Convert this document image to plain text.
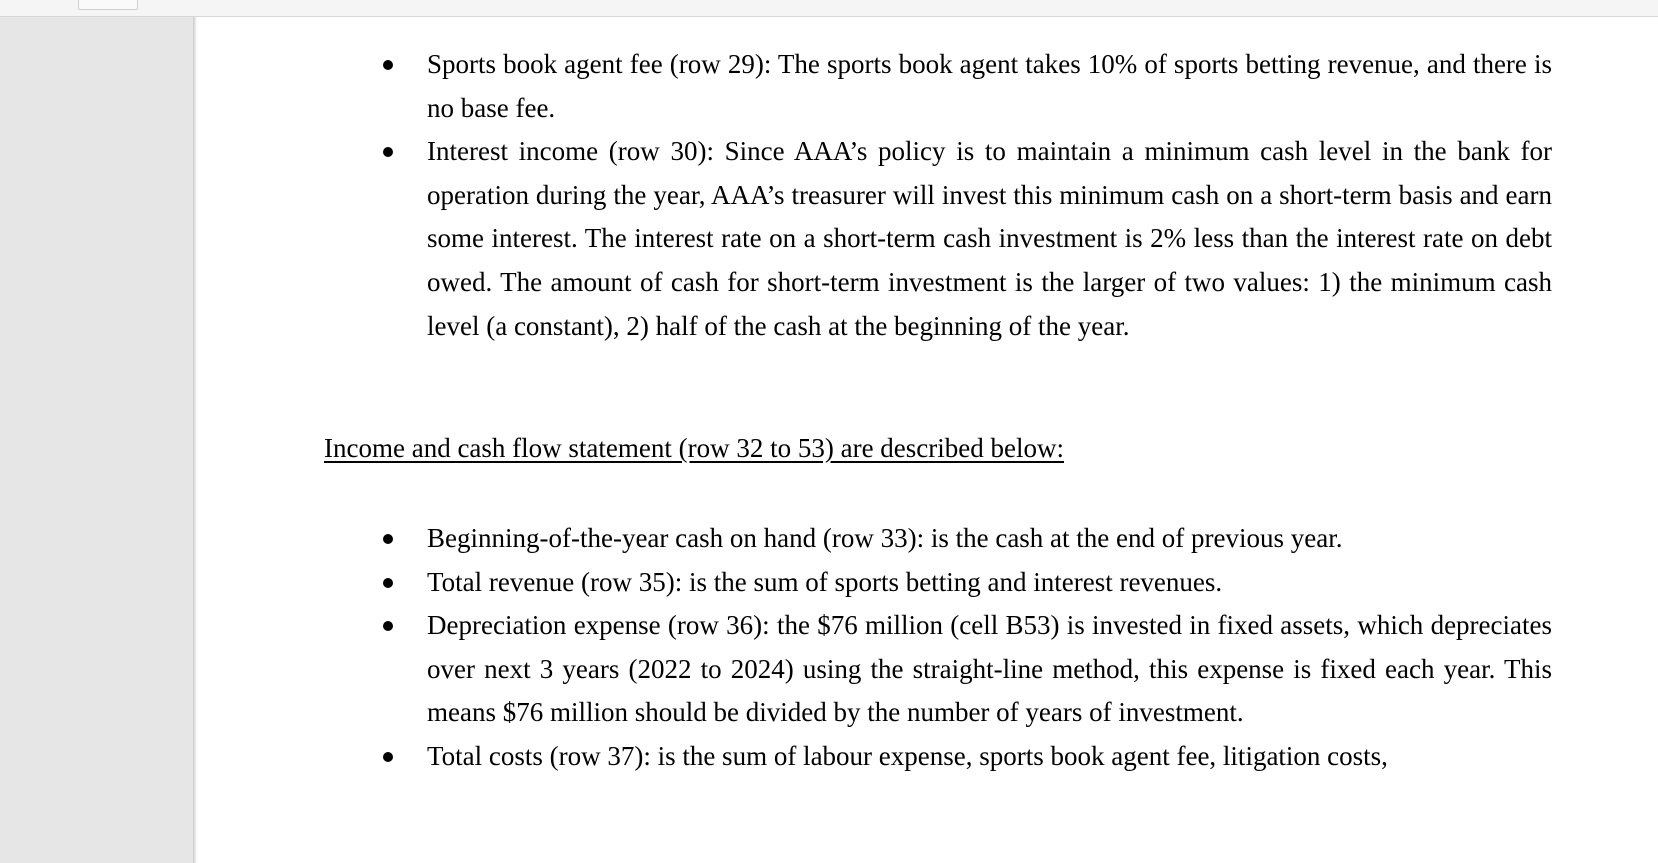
Sports book agent fee (row 29): The sports book agent takes 10% of sports betting revenue, and there is no base fee.
Interest income (row 30): Since AAA’s policy is to maintain a minimum cash level in the bank for operation during the year, AAA’s treasurer will invest this minimum cash on a short-term basis and earn some interest. The interest rate on a short-term cash investment is 2% less than the interest rate on debt owed. The amount of cash for short-term investment is the larger of two values: 1) the minimum cash level (a constant), 2) half of the cash at the beginning of the year.
Income and cash flow statement (row 32 to 53) are described below:
Beginning-of-the-year cash on hand (row 33): is the cash at the end of previous year.
Total revenue (row 35): is the sum of sports betting and interest revenues.
Depreciation expense (row 36): the $76 million (cell B53) is invested in fixed assets, which depreciates over next 3 years (2022 to 2024) using the straight-line method, this expense is fixed each year. This means $76 million should be divided by the number of years of investment.
Total costs (row 37): is the sum of labour expense, sports book agent fee, litigation costs,
